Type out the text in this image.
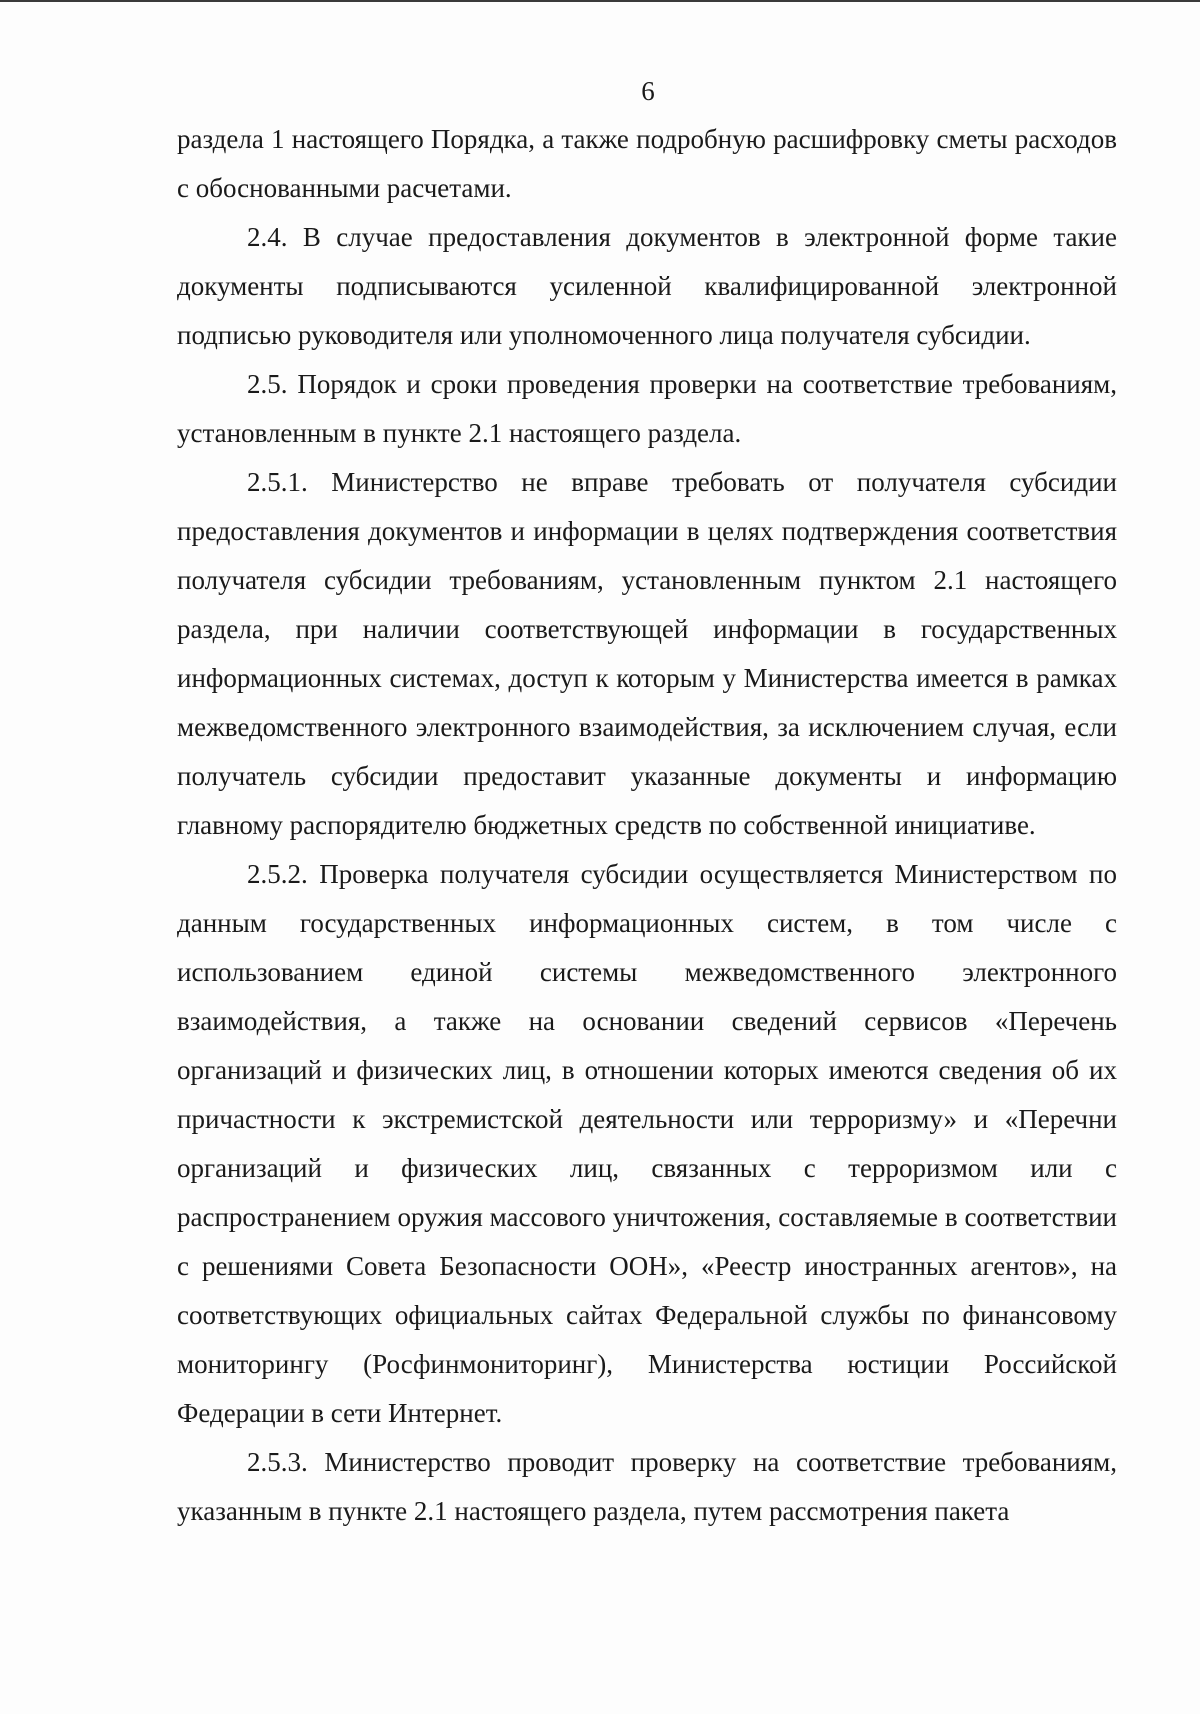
6

раздела 1 настоящего Порядка, а также подробную расшифровку сметы расходов с обоснованными расчетами.

2.4. В случае предоставления документов в электронной форме такие документы подписываются усиленной квалифицированной электронной подписью руководителя или уполномоченного лица получателя субсидии.

2.5. Порядок и сроки проведения проверки на соответствие требованиям, установленным в пункте 2.1 настоящего раздела.

2.5.1. Министерство не вправе требовать от получателя субсидии предоставления документов и информации в целях подтверждения соответствия получателя субсидии требованиям, установленным пунктом 2.1 настоящего раздела, при наличии соответствующей информации в государственных информационных системах, доступ к которым у Министерства имеется в рамках межведомственного электронного взаимодействия, за исключением случая, если получатель субсидии предоставит указанные документы и информацию главному распорядителю бюджетных средств по собственной инициативе.

2.5.2. Проверка получателя субсидии осуществляется Министерством по данным государственных информационных систем, в том числе с использованием единой системы межведомственного электронного взаимодействия, а также на основании сведений сервисов «Перечень организаций и физических лиц, в отношении которых имеются сведения об их причастности к экстремистской деятельности или терроризму» и «Перечни организаций и физических лиц, связанных с терроризмом или с распространением оружия массового уничтожения, составляемые в соответствии с решениями Совета Безопасности ООН», «Реестр иностранных агентов», на соответствующих официальных сайтах Федеральной службы по финансовому мониторингу (Росфинмониторинг), Министерства юстиции Российской Федерации в сети Интернет.

2.5.3. Министерство проводит проверку на соответствие требованиям, указанным в пункте 2.1 настоящего раздела, путем рассмотрения пакета
